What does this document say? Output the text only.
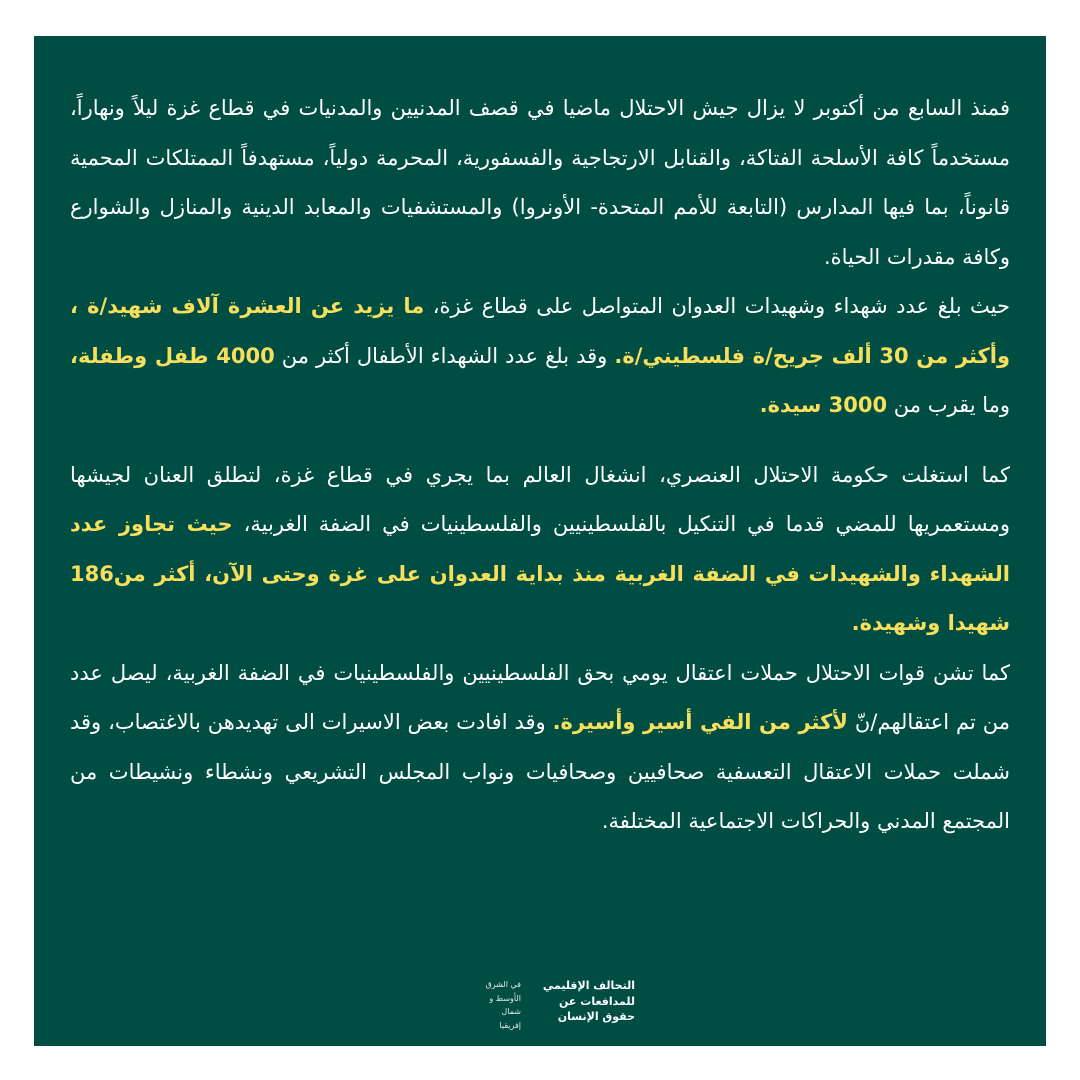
فمنذ السابع من أكتوبر لا يزال جيش الاحتلال ماضيا في قصف المدنيين والمدنيات في قطاع غزة ليلاً ونهاراً، مستخدماً كافة الأسلحة الفتاكة، والقنابل الارتجاجية والفسفورية، المحرمة دولياً، مستهدفاً الممتلكات المحمية قانوناً، بما فيها المدارس (التابعة للأمم المتحدة- الأونروا) والمستشفيات والمعابد الدينية والمنازل والشوارع وكافة مقدرات الحياة.

حيث بلغ عدد شهداء وشهيدات العدوان المتواصل على قطاع غزة، ما يزيد عن العشرة آلاف شهيد/ة ، وأكثر من 30 ألف جريح/ة فلسطيني/ة. وقد بلغ عدد الشهداء الأطفال أكثر من 4000 طفل وطفلة، وما يقرب من 3000 سيدة.

كما استغلت حكومة الاحتلال العنصري، انشغال العالم بما يجري في قطاع غزة، لتطلق العنان لجيشها ومستعمريها للمضي قدما في التنكيل بالفلسطينيين والفلسطينيات في الضفة الغربية، حيث تجاوز عدد الشهداء والشهيدات في الضفة الغربية منذ بداية العدوان على غزة وحتى الآن، أكثر من186 شهيدا وشهيدة.

كما تشن قوات الاحتلال حملات اعتقال يومي بحق الفلسطينيين والفلسطينيات في الضفة الغربية، ليصل عدد من تم اعتقالهم/نّ لأكثر من الفي أسير وأسيرة. وقد افادت بعض الاسيرات الى تهديدهن بالاغتصاب، وقد شملت حملات الاعتقال التعسفية صحافيين وصحافيات ونواب المجلس التشريعي ونشطاء ونشيطات من المجتمع المدني والحراكات الاجتماعية المختلفة.

التحالف الإقليمي
للمدافعات عن
حقوق الإنسان
في الشرق
الأوسط و
شمال
إفريقيا
